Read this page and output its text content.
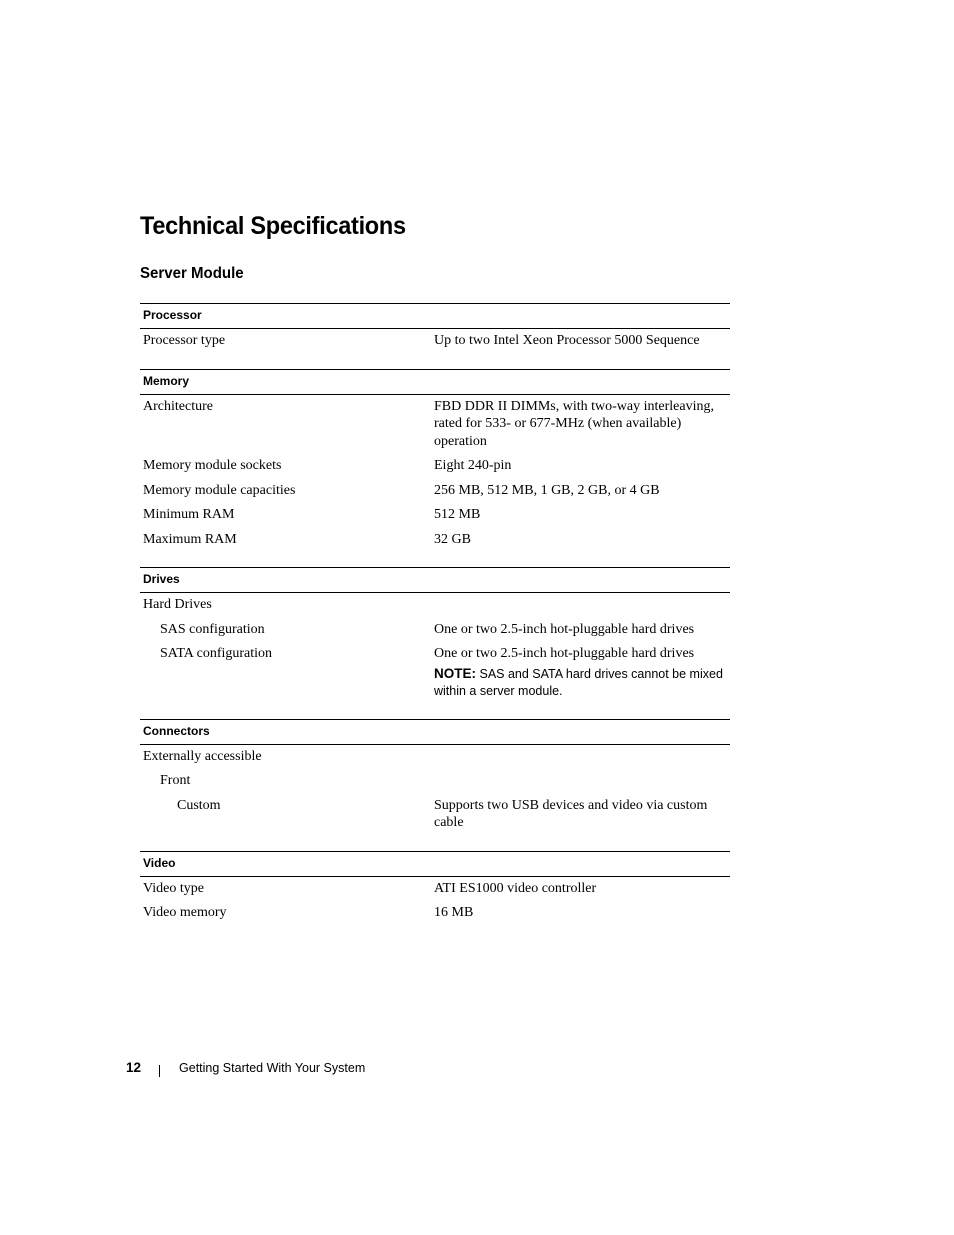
Technical Specifications
Server Module
Processor
Processor type	Up to two Intel Xeon Processor 5000 Sequence
Memory
Architecture	FBD DDR II DIMMs, with two-way interleaving, rated for 533- or 677-MHz (when available) operation
Memory module sockets	Eight 240-pin
Memory module capacities	256 MB, 512 MB, 1 GB, 2 GB, or 4 GB
Minimum RAM	512 MB
Maximum RAM	32 GB
Drives
Hard Drives
SAS configuration	One or two 2.5-inch hot-pluggable hard drives
SATA configuration	One or two 2.5-inch hot-pluggable hard drives
NOTE: SAS and SATA hard drives cannot be mixed within a server module.
Connectors
Externally accessible
Front
Custom	Supports two USB devices and video via custom cable
Video
Video type	ATI ES1000 video controller
Video memory	16 MB
12	Getting Started With Your System
